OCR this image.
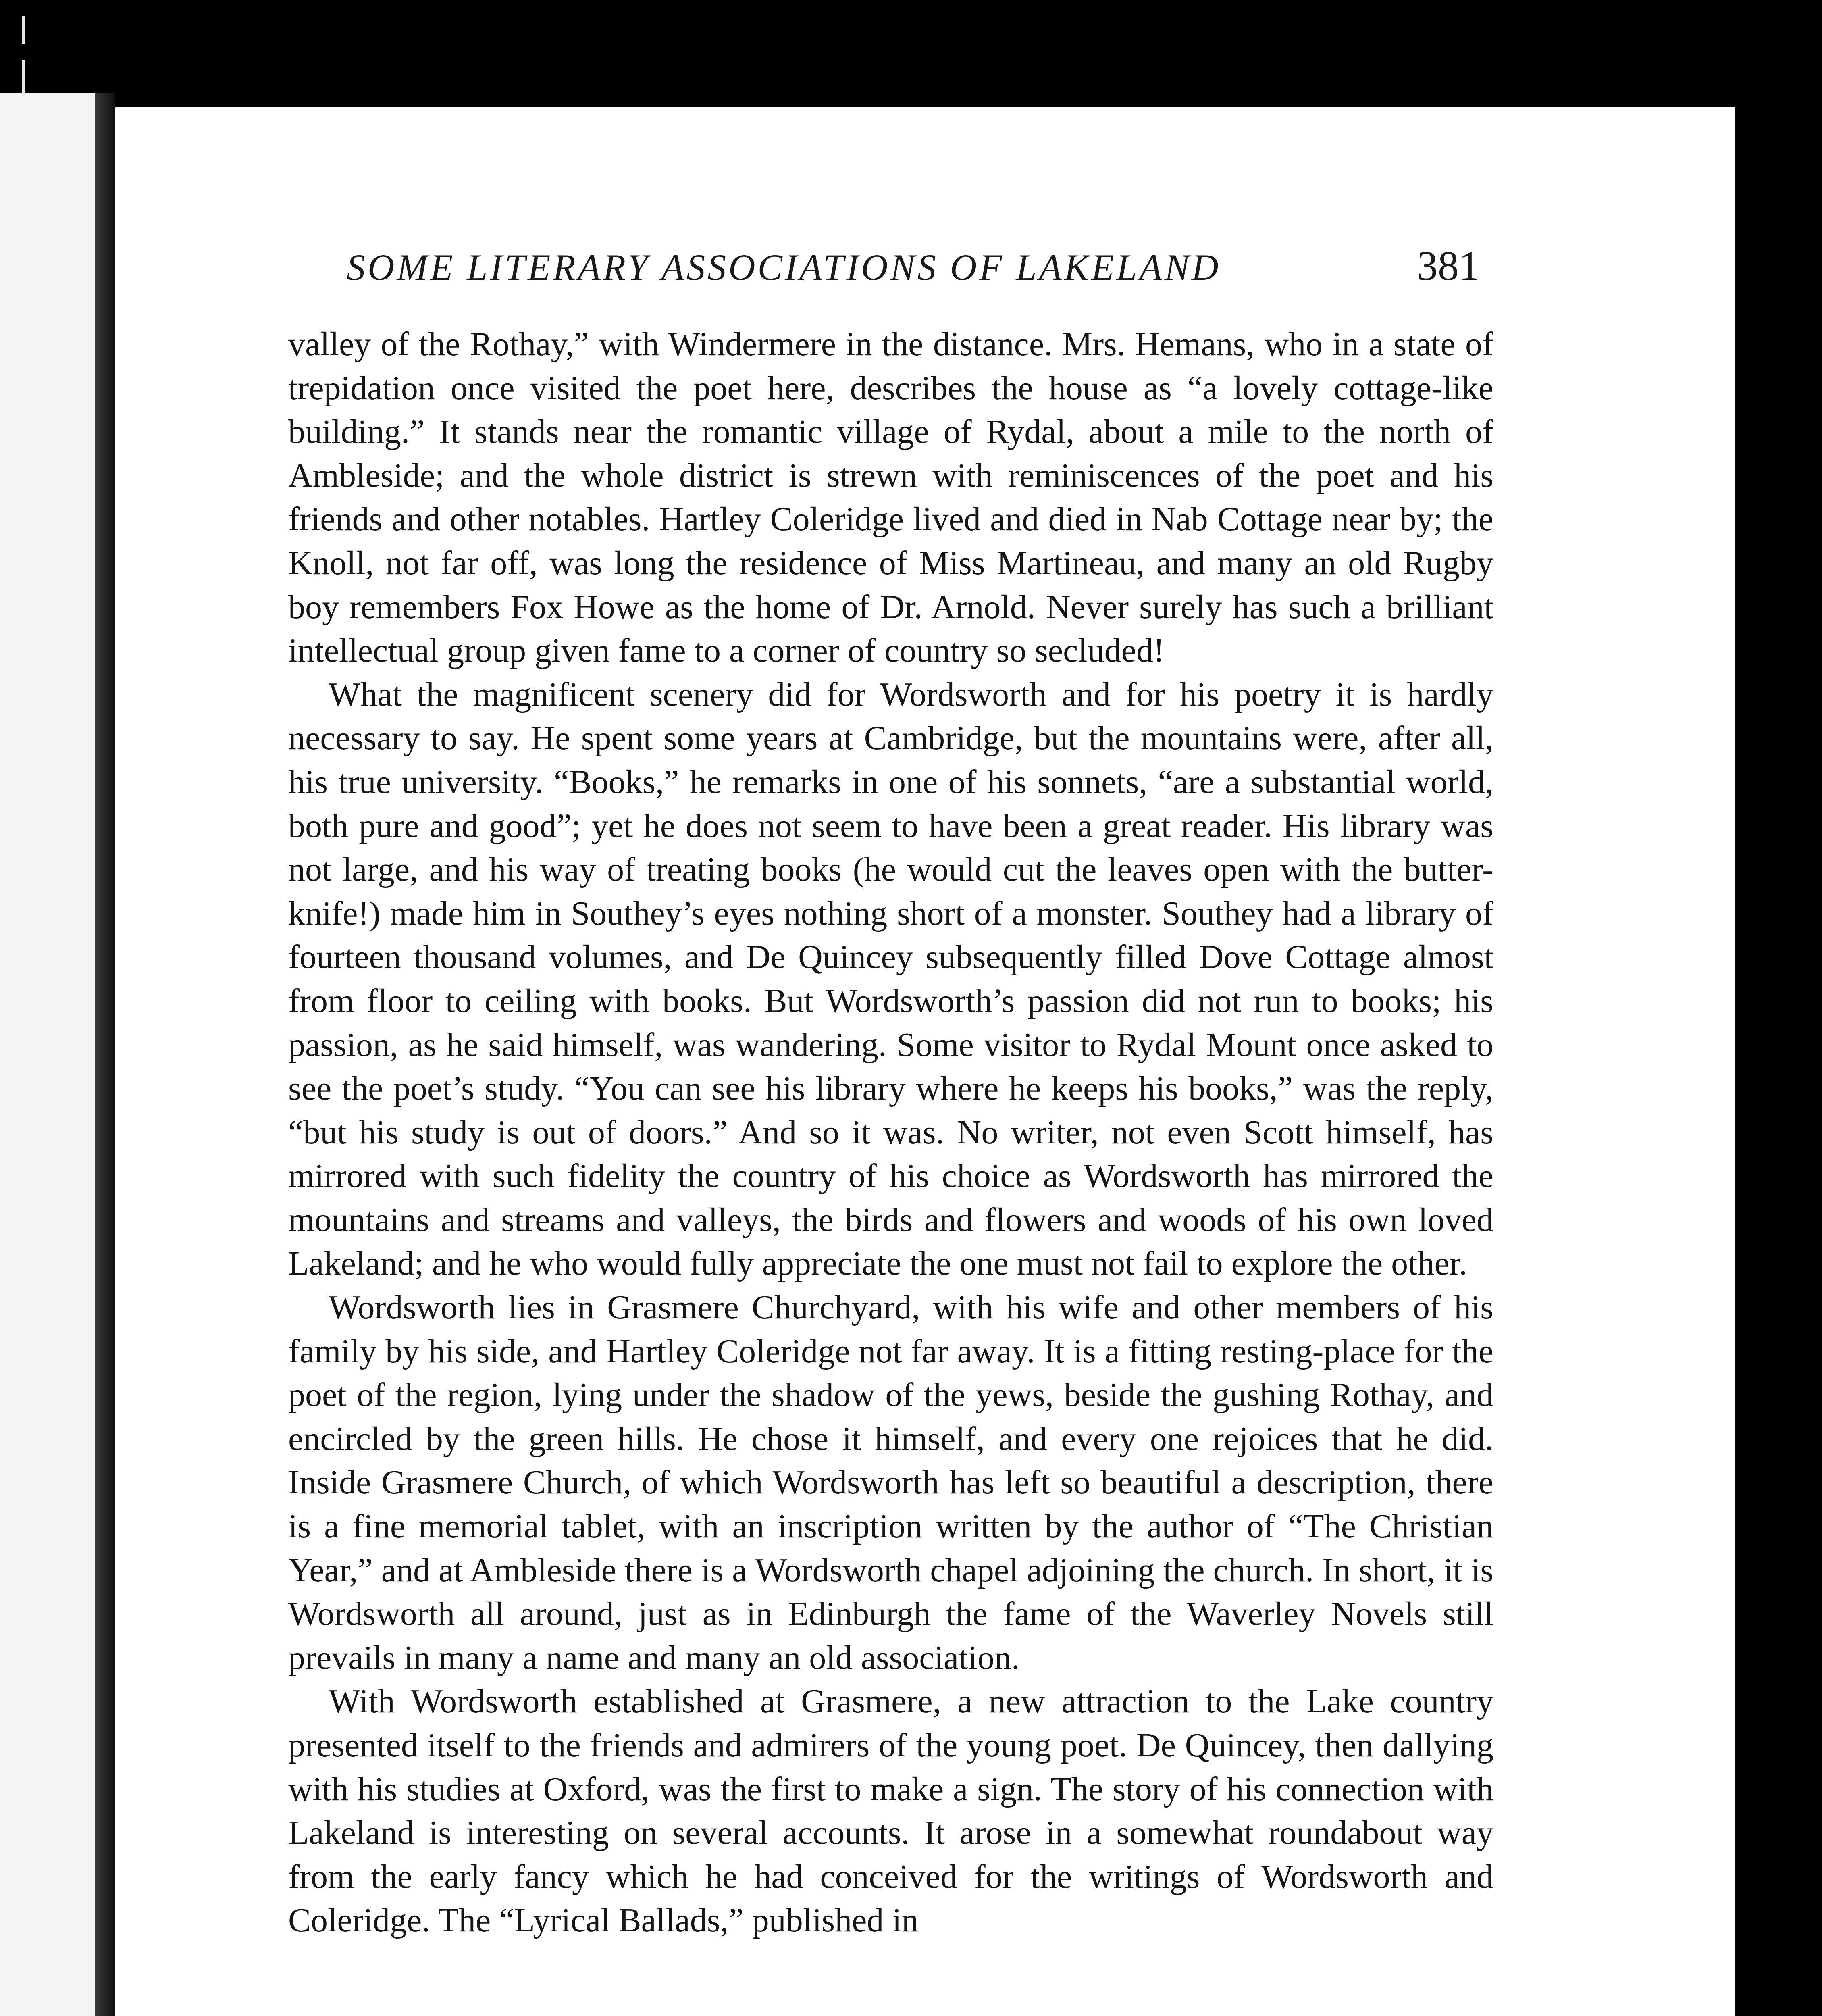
SOME LITERARY ASSOCIATIONS OF LAKELAND	381

valley of the Rothay,” with Windermere in the distance. Mrs. Hemans, who in a state of trepidation once visited the poet here, describes the house as “a lovely cottage-like building.” It stands near the romantic village of Rydal, about a mile to the north of Ambleside; and the whole district is strewn with reminiscences of the poet and his friends and other notables. Hartley Coleridge lived and died in Nab Cottage near by; the Knoll, not far off, was long the residence of Miss Martineau, and many an old Rugby boy remembers Fox Howe as the home of Dr. Arnold. Never surely has such a brilliant intellectual group given fame to a corner of country so secluded!

What the magnificent scenery did for Wordsworth and for his poetry it is hardly necessary to say. He spent some years at Cambridge, but the mountains were, after all, his true university. “Books,” he remarks in one of his sonnets, “are a substantial world, both pure and good”; yet he does not seem to have been a great reader. His library was not large, and his way of treating books (he would cut the leaves open with the butter-knife!) made him in Southey’s eyes nothing short of a monster. Southey had a library of fourteen thousand volumes, and De Quincey subsequently filled Dove Cottage almost from floor to ceiling with books. But Wordsworth’s passion did not run to books; his passion, as he said himself, was wandering. Some visitor to Rydal Mount once asked to see the poet’s study. “You can see his library where he keeps his books,” was the reply, “but his study is out of doors.” And so it was. No writer, not even Scott himself, has mirrored with such fidelity the country of his choice as Wordsworth has mirrored the mountains and streams and valleys, the birds and flowers and woods of his own loved Lakeland; and he who would fully appreciate the one must not fail to explore the other.

Wordsworth lies in Grasmere Churchyard, with his wife and other members of his family by his side, and Hartley Coleridge not far away. It is a fitting resting-place for the poet of the region, lying under the shadow of the yews, beside the gushing Rothay, and encircled by the green hills. He chose it himself, and every one rejoices that he did. Inside Grasmere Church, of which Wordsworth has left so beautiful a description, there is a fine memorial tablet, with an inscription written by the author of “The Christian Year,” and at Ambleside there is a Wordsworth chapel adjoining the church. In short, it is Wordsworth all around, just as in Edinburgh the fame of the Waverley Novels still prevails in many a name and many an old association.

With Wordsworth established at Grasmere, a new attraction to the Lake country presented itself to the friends and admirers of the young poet. De Quincey, then dallying with his studies at Oxford, was the first to make a sign. The story of his connection with Lakeland is interesting on several accounts. It arose in a somewhat roundabout way from the early fancy which he had conceived for the writings of Wordsworth and Coleridge. The “Lyrical Ballads,” published in
